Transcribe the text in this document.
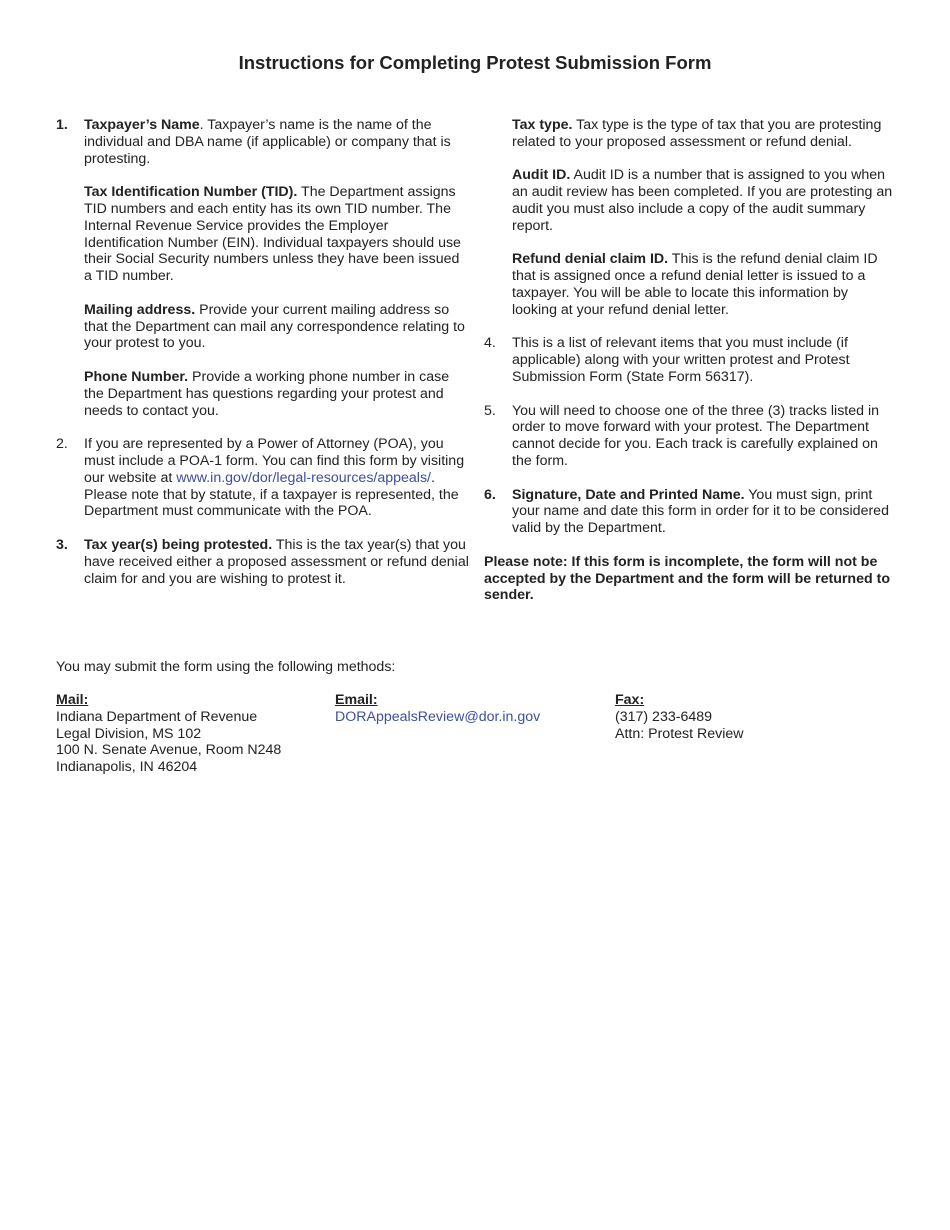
Instructions for Completing Protest Submission Form
1. Taxpayer’s Name. Taxpayer’s name is the name of the individual and DBA name (if applicable) or company that is protesting.

Tax Identification Number (TID). The Department assigns TID numbers and each entity has its own TID number. The Internal Revenue Service provides the Employer Identification Number (EIN). Individual taxpayers should use their Social Security numbers unless they have been issued a TID number.

Mailing address. Provide your current mailing address so that the Department can mail any correspondence relating to your protest to you.

Phone Number. Provide a working phone number in case the Department has questions regarding your protest and needs to contact you.

2. If you are represented by a Power of Attorney (POA), you must include a POA-1 form. You can find this form by visiting our website at www.in.gov/dor/legal-resources/appeals/. Please note that by statute, if a taxpayer is represented, the Department must communicate with the POA.

3. Tax year(s) being protested. This is the tax year(s) that you have received either a proposed assessment or refund denial claim for and you are wishing to protest it.

Tax type. Tax type is the type of tax that you are protesting related to your proposed assessment or refund denial.

Audit ID. Audit ID is a number that is assigned to you when an audit review has been completed. If you are protesting an audit you must also include a copy of the audit summary report.

Refund denial claim ID. This is the refund denial claim ID that is assigned once a refund denial letter is issued to a taxpayer. You will be able to locate this information by looking at your refund denial letter.

4. This is a list of relevant items that you must include (if applicable) along with your written protest and Protest Submission Form (State Form 56317).

5. You will need to choose one of the three (3) tracks listed in order to move forward with your protest. The Department cannot decide for you. Each track is carefully explained on the form.

6. Signature, Date and Printed Name. You must sign, print your name and date this form in order for it to be considered valid by the Department.

Please note: If this form is incomplete, the form will not be accepted by the Department and the form will be returned to sender.

You may submit the form using the following methods:
Mail:
Indiana Department of Revenue
Legal Division, MS 102
100 N. Senate Avenue, Room N248
Indianapolis, IN 46204
Email:
DORAppealsReview@dor.in.gov
Fax:
(317) 233-6489
Attn: Protest Review
